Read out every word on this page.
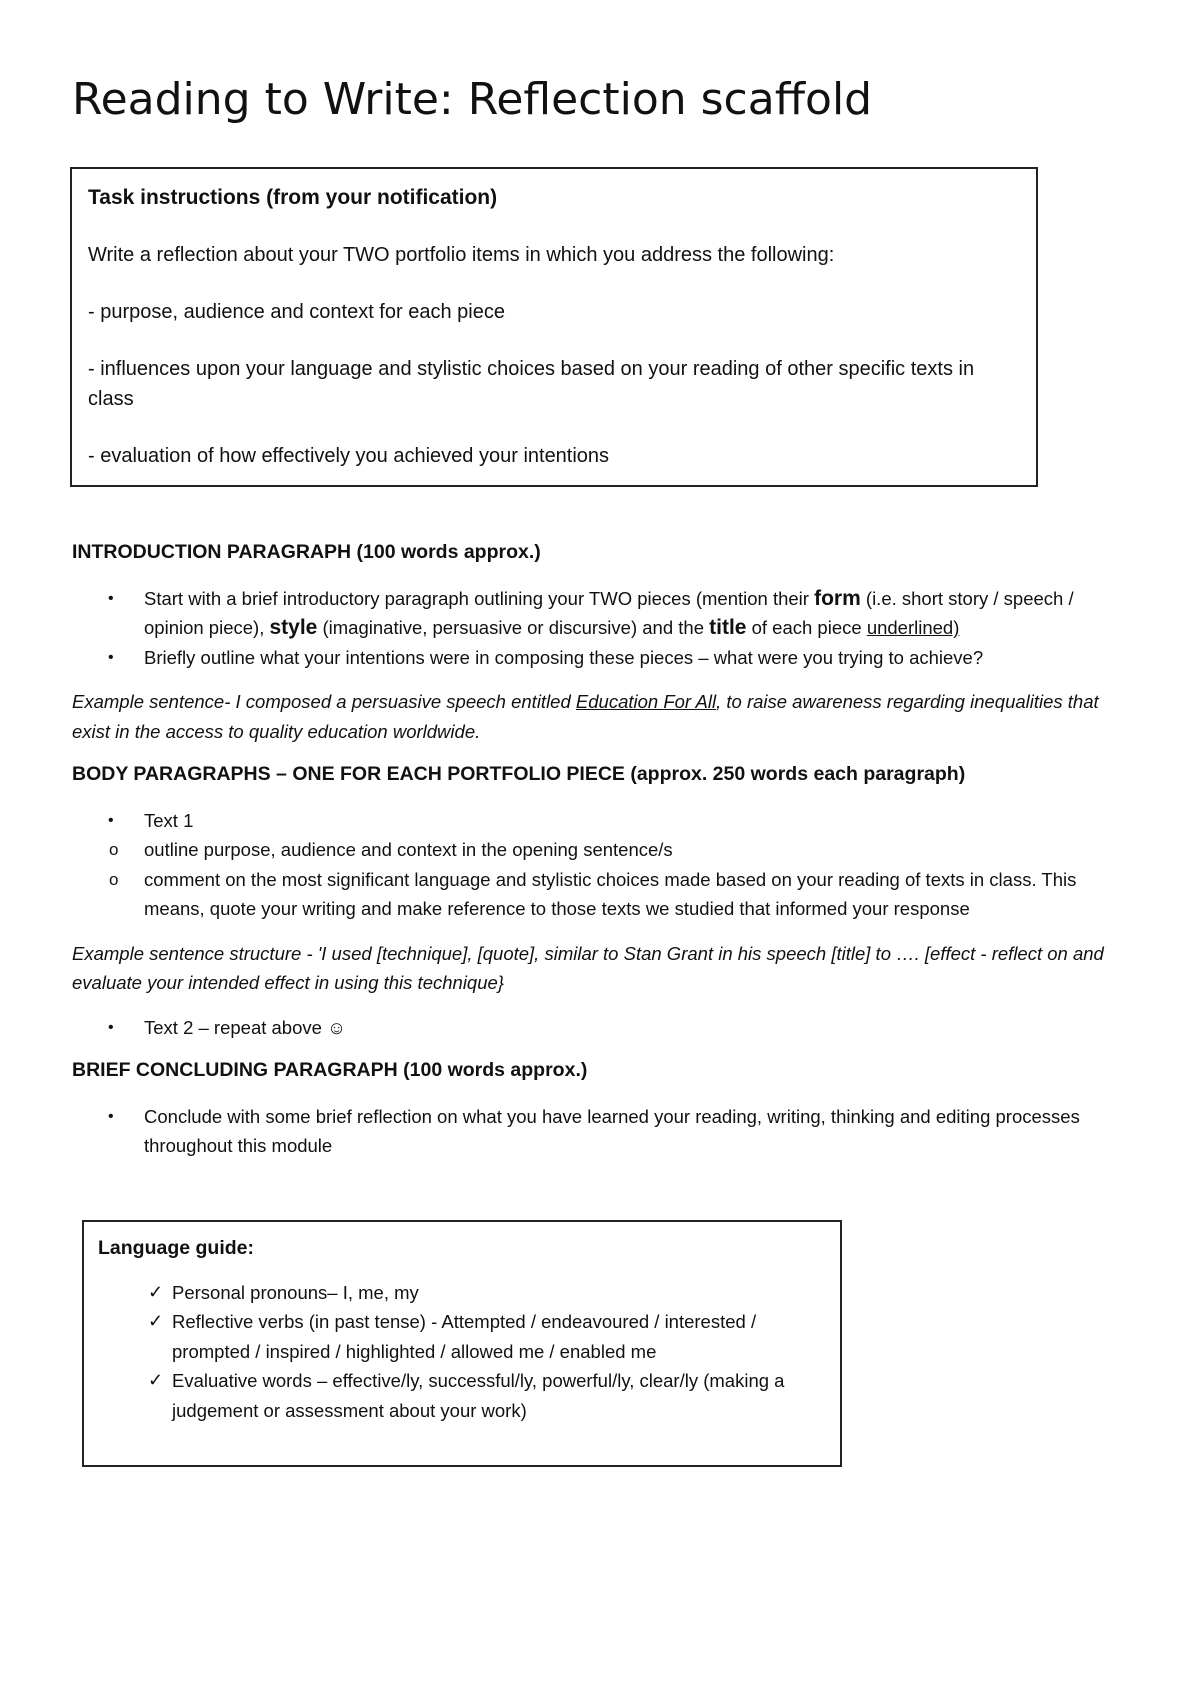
Reading to Write: Reflection scaffold

Task instructions (from your notification)

Write a reflection about your TWO portfolio items in which you address the following:

- purpose, audience and context for each piece

- influences upon your language and stylistic choices based on your reading of other specific texts in class

- evaluation of how effectively you achieved your intentions

INTRODUCTION PARAGRAPH (100 words approx.)

•	Start with a brief introductory paragraph outlining your TWO pieces (mention their form (i.e. short story / speech / opinion piece), style (imaginative, persuasive or discursive) and the title of each piece underlined)
•	Briefly outline what your intentions were in composing these pieces – what were you trying to achieve?

Example sentence- I composed a persuasive speech entitled Education For All, to raise awareness regarding inequalities that exist in the access to quality education worldwide.

BODY PARAGRAPHS – ONE FOR EACH PORTFOLIO PIECE (approx. 250 words each paragraph)

•	Text 1
o	outline purpose, audience and context in the opening sentence/s
o	comment on the most significant language and stylistic choices made based on your reading of texts in class. This means, quote your writing and make reference to those texts we studied that informed your response

Example sentence structure - 'I used [technique], [quote], similar to Stan Grant in his speech [title] to …. [effect - reflect on and evaluate your intended effect in using this technique}

•	Text 2 – repeat above ☺

BRIEF CONCLUDING PARAGRAPH (100 words approx.)

•	Conclude with some brief reflection on what you have learned your reading, writing, thinking and editing processes throughout this module

Language guide:

✓ Personal pronouns– I, me, my
✓ Reflective verbs (in past tense) - Attempted / endeavoured / interested / prompted / inspired / highlighted / allowed me / enabled me
✓ Evaluative words – effective/ly, successful/ly, powerful/ly, clear/ly (making a judgement or assessment about your work)
